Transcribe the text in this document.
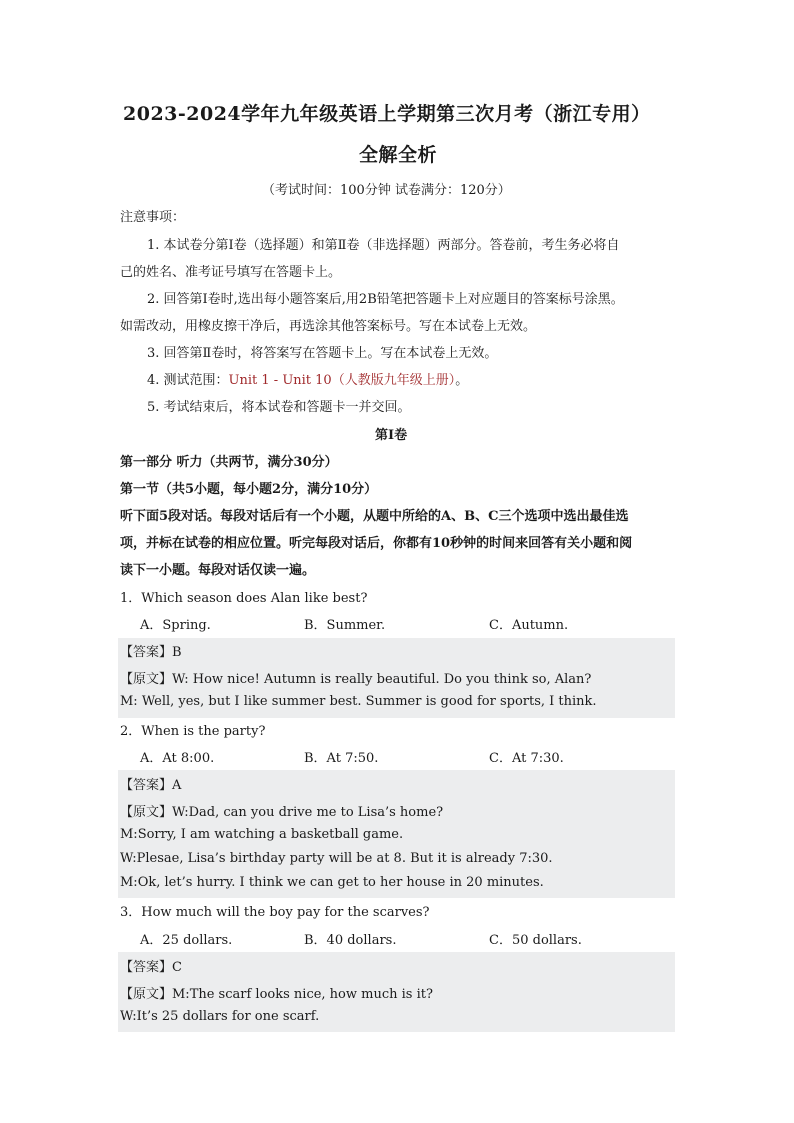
2023-2024学年九年级英语上学期第三次月考（浙江专用）
全解全析
（考试时间：100分钟 试卷满分：120分）
注意事项：
1. 本试卷分第Ⅰ卷（选择题）和第Ⅱ卷（非选择题）两部分。答卷前，考生务必将自
己的姓名、准考证号填写在答题卡上。
2. 回答第Ⅰ卷时,选出每小题答案后,用2B铅笔把答题卡上对应题目的答案标号涂黑。
如需改动，用橡皮擦干净后，再选涂其他答案标号。写在本试卷上无效。
3. 回答第Ⅱ卷时，将答案写在答题卡上。写在本试卷上无效。
4. 测试范围：Unit 1 - Unit 10（人教版九年级上册）。
5. 考试结束后，将本试卷和答题卡一并交回。
第Ⅰ卷
第一部分 听力（共两节，满分30分）
第一节（共5小题，每小题2分，满分10分）
听下面5段对话。每段对话后有一个小题，从题中所给的A、B、C三个选项中选出最佳选
项，并标在试卷的相应位置。听完每段对话后，你都有10秒钟的时间来回答有关小题和阅
读下一小题。每段对话仅读一遍。
1．Which season does Alan like best?
A．Spring.	B．Summer.	C．Autumn.
【答案】B
【原文】W: How nice! Autumn is really beautiful. Do you think so, Alan?
M: Well, yes, but I like summer best. Summer is good for sports, I think.
2．When is the party?
A．At 8:00.	B．At 7:50.	C．At 7:30.
【答案】A
【原文】W:Dad, can you drive me to Lisa’s home?
M:Sorry, I am watching a basketball game.
W:Plesae, Lisa’s birthday party will be at 8. But it is already 7:30.
M:Ok, let’s hurry. I think we can get to her house in 20 minutes.
3．How much will the boy pay for the scarves?
A．25 dollars.	B．40 dollars.	C．50 dollars.
【答案】C
【原文】M:The scarf looks nice, how much is it?
W:It’s 25 dollars for one scarf.
